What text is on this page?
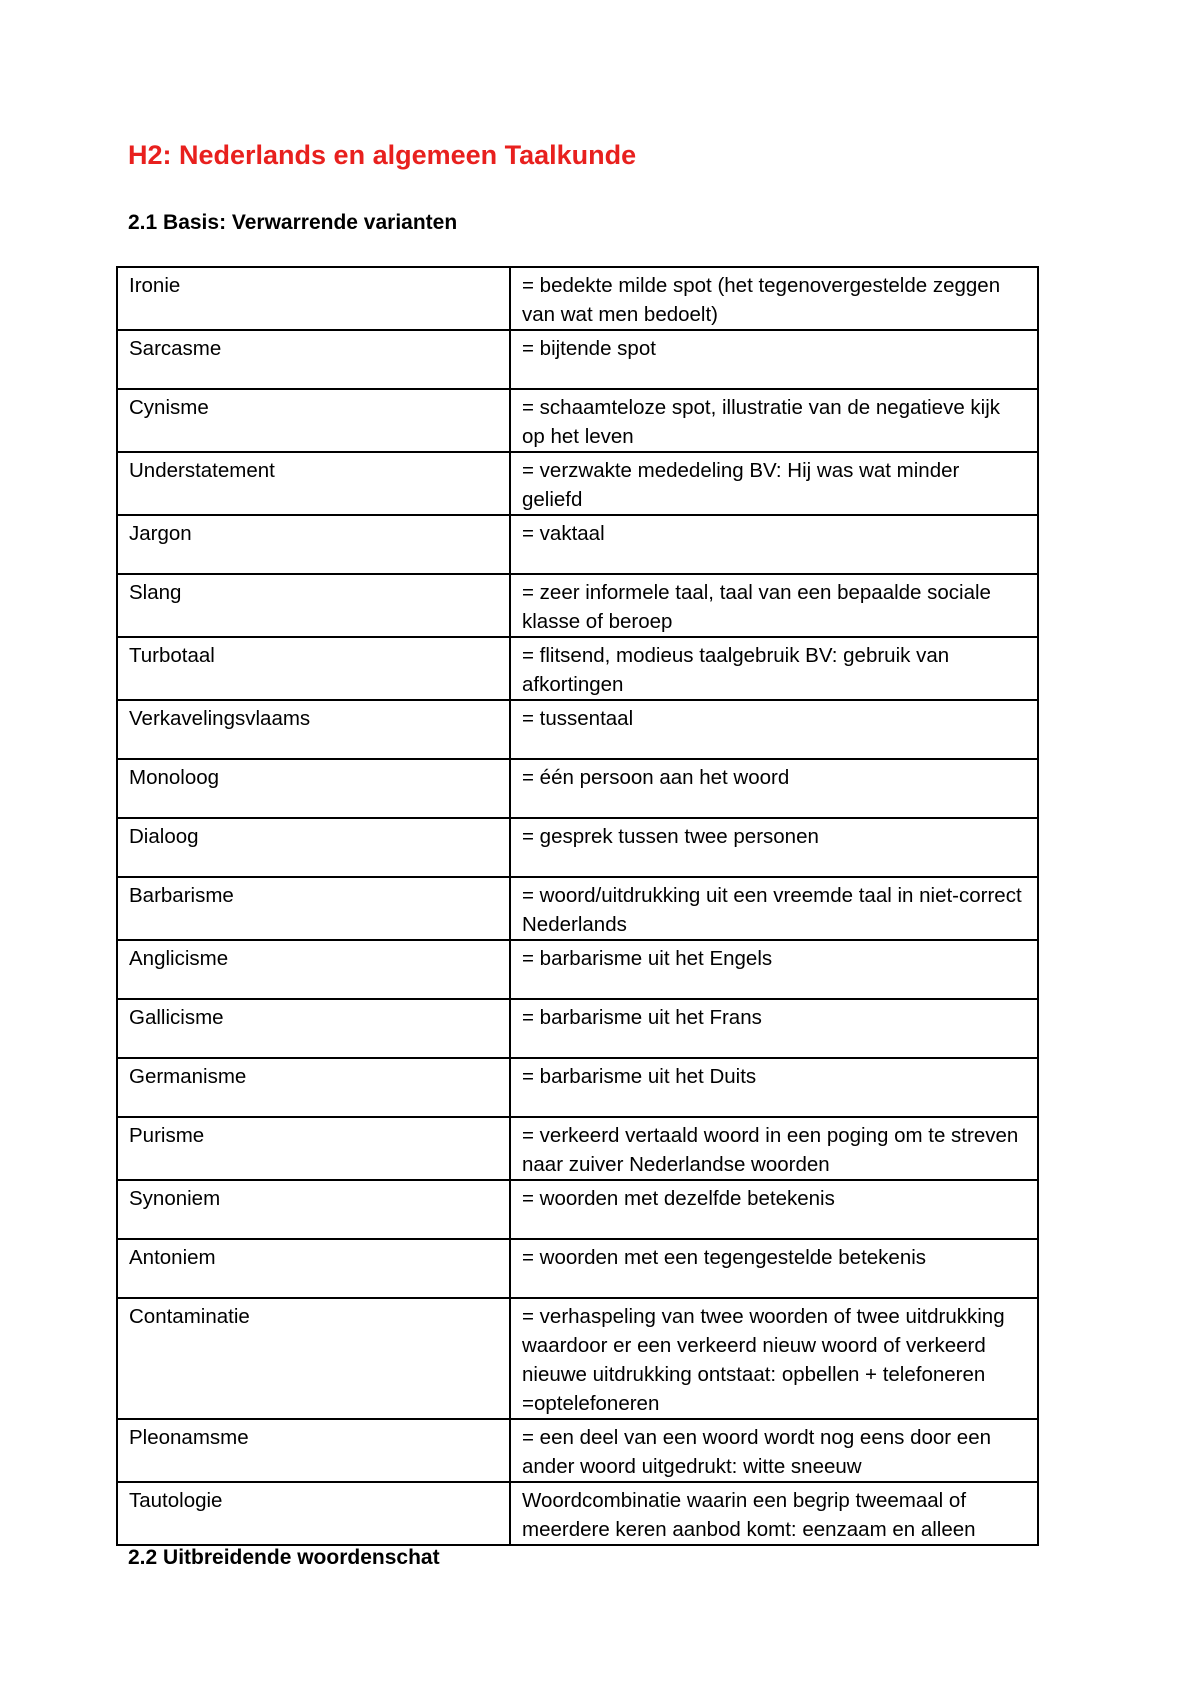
H2: Nederlands en algemeen Taalkunde
2.1 Basis: Verwarrende varianten
Ironie	= bedekte milde spot (het tegenovergestelde zeggen van wat men bedoelt)
Sarcasme	= bijtende spot
Cynisme	= schaamteloze spot, illustratie van de negatieve kijk op het leven
Understatement	= verzwakte mededeling BV: Hij was wat minder geliefd
Jargon	= vaktaal
Slang	= zeer informele taal, taal van een bepaalde sociale klasse of beroep
Turbotaal	= flitsend, modieus taalgebruik BV: gebruik van afkortingen
Verkavelingsvlaams	= tussentaal
Monoloog	= één persoon aan het woord
Dialoog	= gesprek tussen twee personen
Barbarisme	= woord/uitdrukking uit een vreemde taal in niet-correct Nederlands
Anglicisme	= barbarisme uit het Engels
Gallicisme	= barbarisme uit het Frans
Germanisme	= barbarisme uit het Duits
Purisme	= verkeerd vertaald woord in een poging om te streven naar zuiver Nederlandse woorden
Synoniem	= woorden met dezelfde betekenis
Antoniem	= woorden met een tegengestelde betekenis
Contaminatie	= verhaspeling van twee woorden of twee uitdrukking waardoor er een verkeerd nieuw woord of verkeerd nieuwe uitdrukking ontstaat: opbellen + telefoneren =optelefoneren
Pleonamsme	= een deel van een woord wordt nog eens door een ander woord uitgedrukt: witte sneeuw
Tautologie	Woordcombinatie waarin een begrip tweemaal of meerdere keren aanbod komt: eenzaam en alleen
2.2 Uitbreidende woordenschat
